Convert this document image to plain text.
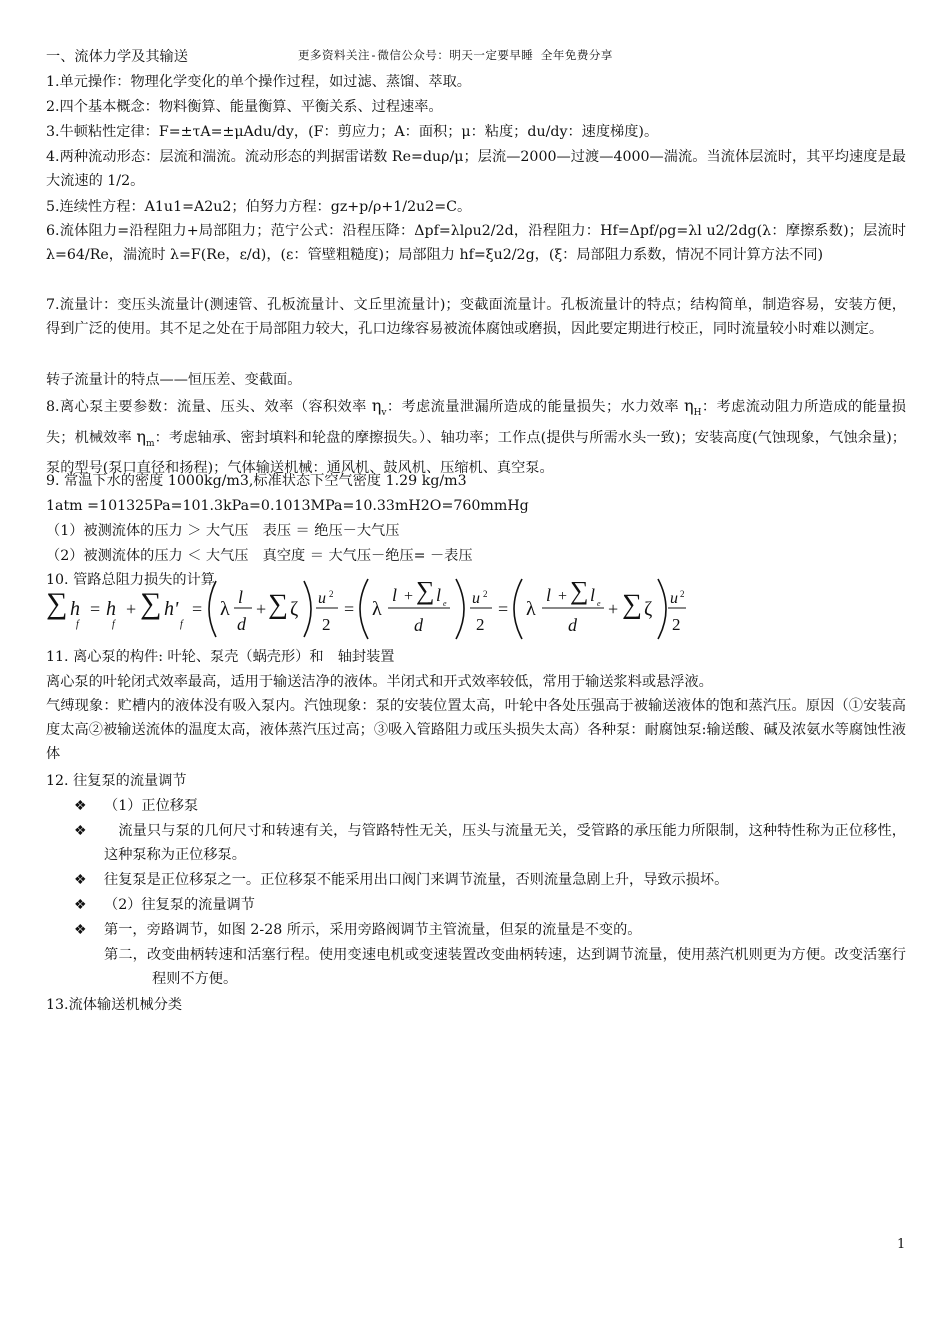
一、流体力学及其输送	更多资料关注-微信公众号：明天一定要早睡 全年免费分享
1.单元操作：物理化学变化的单个操作过程，如过滤、蒸馏、萃取。
2.四个基本概念：物料衡算、能量衡算、平衡关系、过程速率。
3.牛顿粘性定律：F=±τA=±μAdu/dy，(F：剪应力；A：面积；μ：粘度；du/dy：速度梯度)。
4.两种流动形态：层流和湍流。流动形态的判据雷诺数 Re=duρ/μ；层流—2000—过渡—4000—湍流。当流体层流时，其平均速度是最大流速的 1/2。
5.连续性方程：A1u1=A2u2；伯努力方程：gz+p/ρ+1/2u2=C。
6.流体阻力=沿程阻力+局部阻力；范宁公式：沿程压降：Δpf=λlρu2/2d，沿程阻力：Hf=Δpf/ρg=λl u2/2dg(λ：摩擦系数)；层流时 λ=64/Re，湍流时 λ=F(Re，ε/d)，(ε：管壁粗糙度)；局部阻力 hf=ξu2/2g，(ξ：局部阻力系数，情况不同计算方法不同)
7.流量计：变压头流量计(测速管、孔板流量计、文丘里流量计)；变截面流量计。孔板流量计的特点；结构简单，制造容易，安装方便，得到广泛的使用。其不足之处在于局部阻力较大，孔口边缘容易被流体腐蚀或磨损，因此要定期进行校正，同时流量较小时难以测定。
转子流量计的特点——恒压差、变截面。
8.离心泵主要参数：流量、压头、效率（容积效率 $\eta_v$：考虑流量泄漏所造成的能量损失；水力效率 $\eta_H$：考虑流动阻力所造成的能量损失；机械效率 $\eta_m$：考虑轴承、密封填料和轮盘的摩擦损失。）、轴功率；工作点(提供与所需水头一致)；安装高度(气蚀现象，气蚀余量)；泵的型号(泵口直径和扬程)；气体输送机械：通风机、鼓风机、压缩机、真空泵。
9. 常温下水的密度 1000kg/m3,标准状态下空气密度 1.29 kg/m3
1atm =101325Pa=101.3kPa=0.1013MPa=10.33mH2O=760mmHg
（1）被测流体的压力 ＞ 大气压　表压 ＝ 绝压－大气压
（2）被测流体的压力 ＜ 大气压　真空度 ＝ 大气压－绝压= －表压
10. 管路总阻力损失的计算
∑ h
f
= h
f
+ ∑ h'
f
= λ
l
d
+ ∑ ζ u 2
2
= λ
l + ∑ l e
d
u 2
2
= λ
l + ∑ l e
d
+ ∑ ζ u 2
2
11. 离心泵的构件: 叶轮、泵壳（蜗壳形）和　轴封装置
离心泵的叶轮闭式效率最高，适用于输送洁净的液体。半闭式和开式效率较低，常用于输送浆料或悬浮液。
气缚现象：贮槽内的液体没有吸入泵内。汽蚀现象：泵的安装位置太高，叶轮中各处压强高于被输送液体的饱和蒸汽压。原因（①安装高度太高②被输送流体的温度太高，液体蒸汽压过高；③吸入管路阻力或压头损失太高）各种泵：耐腐蚀泵:输送酸、碱及浓氨水等腐蚀性液体
12. 往复泵的流量调节
❖ （1）正位移泵
❖ 　流量只与泵的几何尺寸和转速有关，与管路特性无关，压头与流量无关，受管路的承压能力所限制，这种特性称为正位移性，这种泵称为正位移泵。
❖ 往复泵是正位移泵之一。正位移泵不能采用出口阀门来调节流量，否则流量急剧上升，导致示损坏。
❖ （2）往复泵的流量调节
❖ 第一，旁路调节，如图 2-28 所示，采用旁路阀调节主管流量，但泵的流量是不变的。
第二，改变曲柄转速和活塞行程。使用变速电机或变速装置改变曲柄转速，达到调节流量，使用蒸汽机则更为方便。改变活塞行程则不方便。
13.流体输送机械分类
1
